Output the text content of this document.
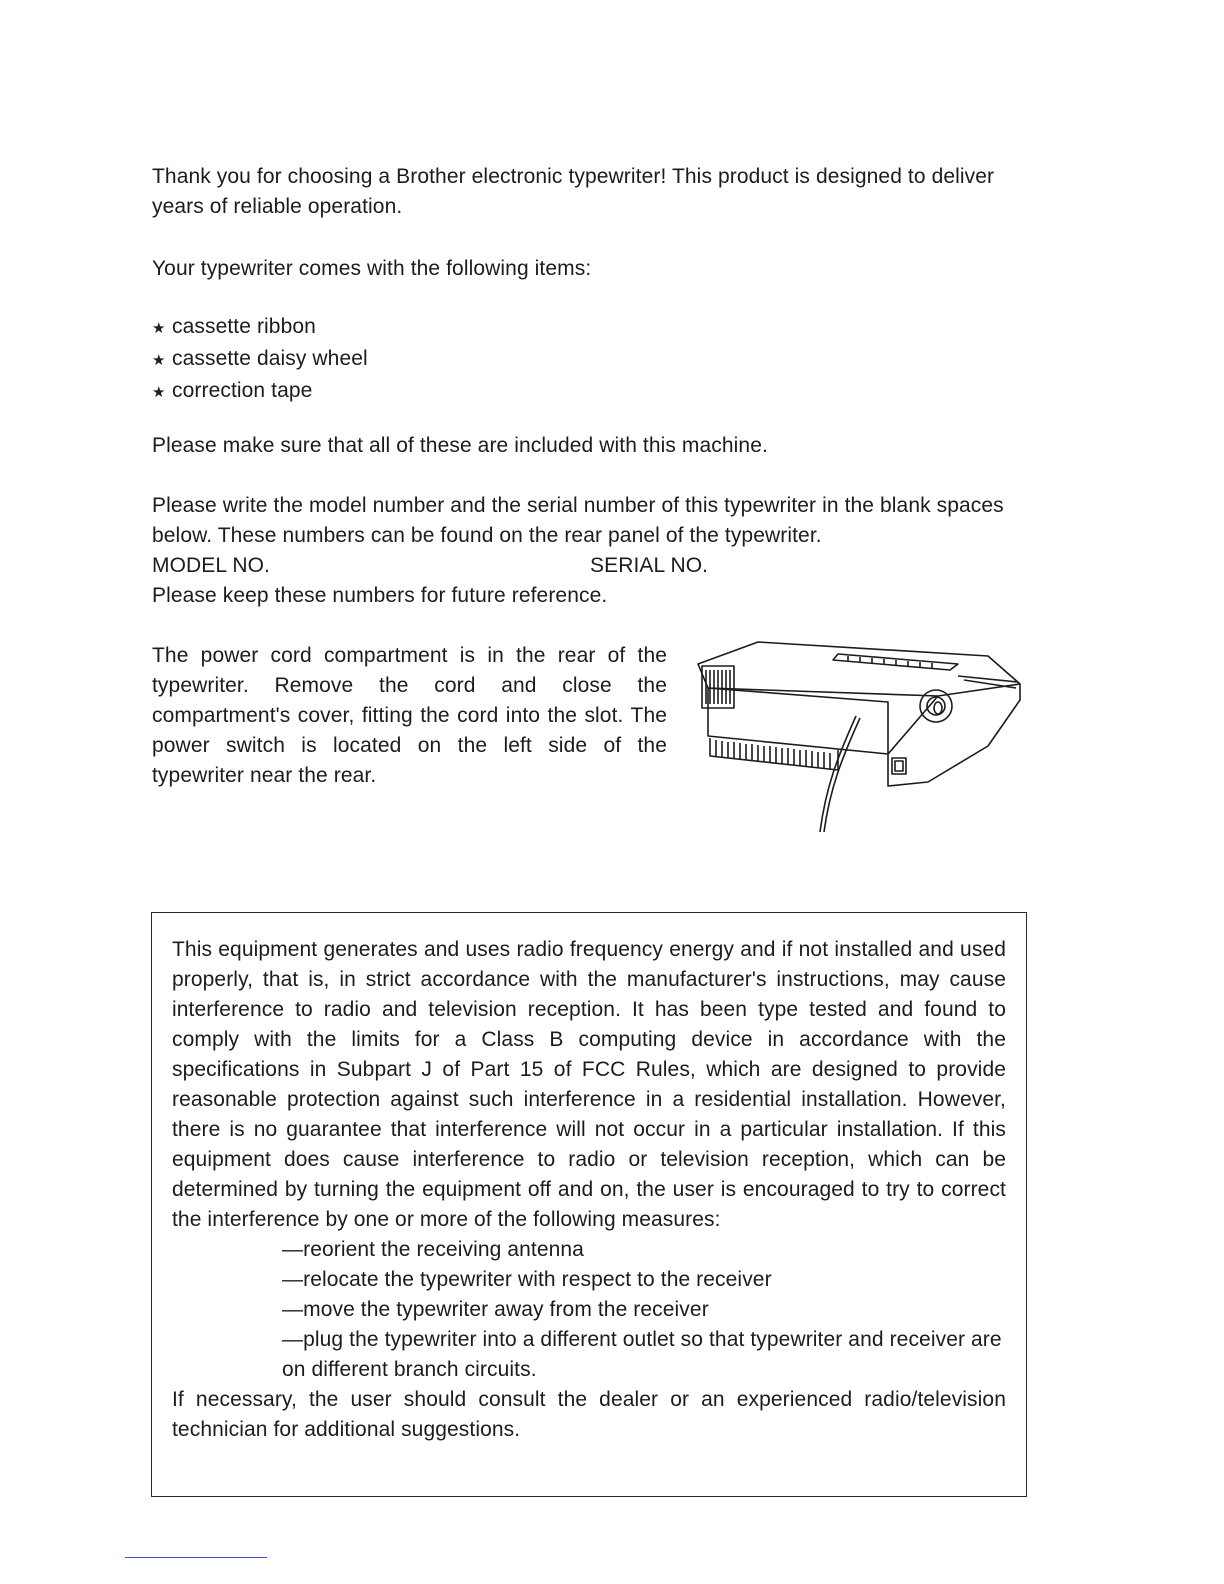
Thank you for choosing a Brother electronic typewriter! This product is designed to deliver years of reliable operation.

Your typewriter comes with the following items:

★ cassette ribbon
★ cassette daisy wheel
★ correction tape

Please make sure that all of these are included with this machine.

Please write the model number and the serial number of this typewriter in the blank spaces below. These numbers can be found on the rear panel of the typewriter.
MODEL NO.	SERIAL NO.
Please keep these numbers for future reference.

The power cord compartment is in the rear of the typewriter. Remove the cord and close the compartment's cover, fitting the cord into the slot. The power switch is located on the left side of the typewriter near the rear.

This equipment generates and uses radio frequency energy and if not installed and used properly, that is, in strict accordance with the manufacturer's instructions, may cause interference to radio and television reception. It has been type tested and found to comply with the limits for a Class B computing device in accordance with the specifications in Subpart J of Part 15 of FCC Rules, which are designed to provide reasonable protection against such interference in a residential installation. However, there is no guarantee that interference will not occur in a particular installation. If this equipment does cause interference to radio or television reception, which can be determined by turning the equipment off and on, the user is encouraged to try to correct the interference by one or more of the following measures:
—reorient the receiving antenna
—relocate the typewriter with respect to the receiver
—move the typewriter away from the receiver
—plug the typewriter into a different outlet so that typewriter and receiver are on different branch circuits.
If necessary, the user should consult the dealer or an experienced radio/television technician for additional suggestions.
